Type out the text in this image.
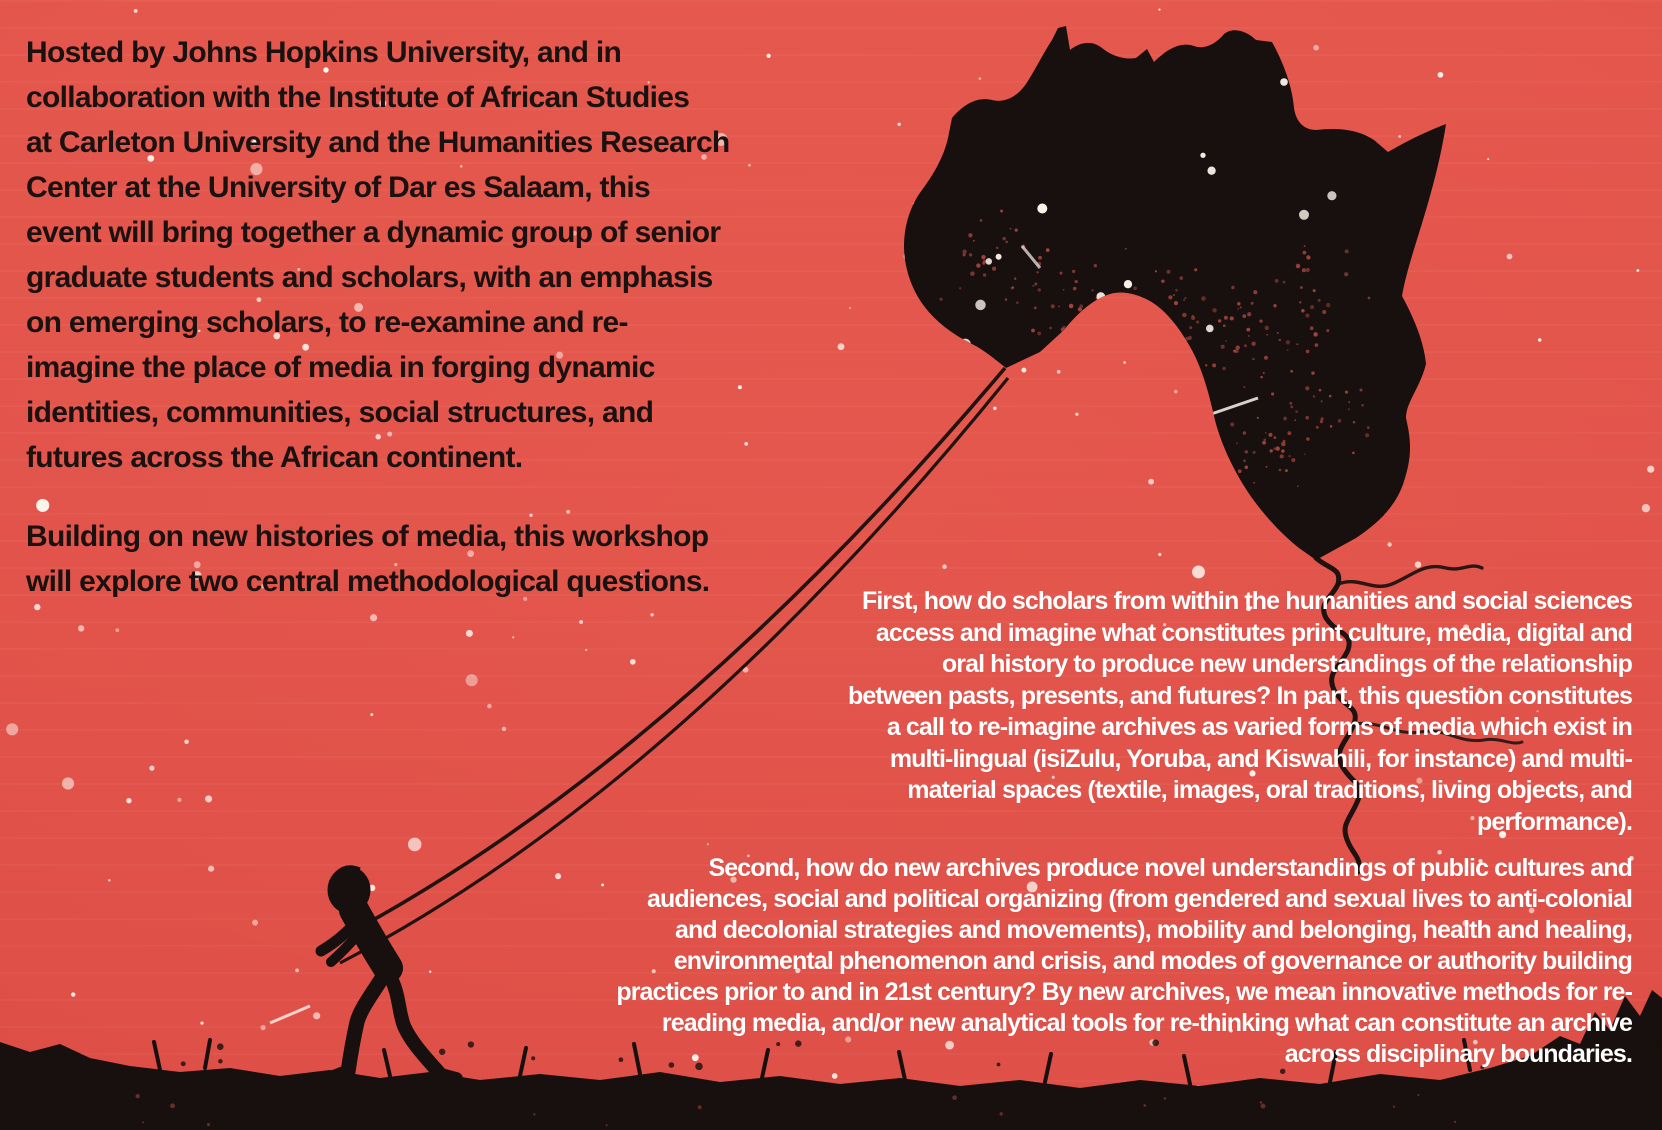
Hosted by Johns Hopkins University, and in
collaboration with the Institute of African Studies
at Carleton University and the Humanities Research
Center at the University of Dar es Salaam, this
event will bring together a dynamic group of senior
graduate students and scholars, with an emphasis
on emerging scholars, to re-examine and re-
imagine the place of media in forging dynamic
identities, communities, social structures, and
futures across the African continent.
Building on new histories of media, this workshop
will explore two central methodological questions.
First, how do scholars from within the humanities and social sciences
access and imagine what constitutes print culture, media, digital and
oral history to produce new understandings of the relationship
between pasts, presents, and futures? In part, this question constitutes
a call to re-imagine archives as varied forms of media which exist in
multi-lingual (isiZulu, Yoruba, and Kiswahili, for instance) and multi-
material spaces (textile, images, oral traditions, living objects, and
performance).
Second, how do new archives produce novel understandings of public cultures and
audiences, social and political organizing (from gendered and sexual lives to anti-colonial
and decolonial strategies and movements), mobility and belonging, health and healing,
environmental phenomenon and crisis, and modes of governance or authority building
practices prior to and in 21st century? By new archives, we mean innovative methods for re-
reading media, and/or new analytical tools for re-thinking what can constitute an archive
across disciplinary boundaries.
